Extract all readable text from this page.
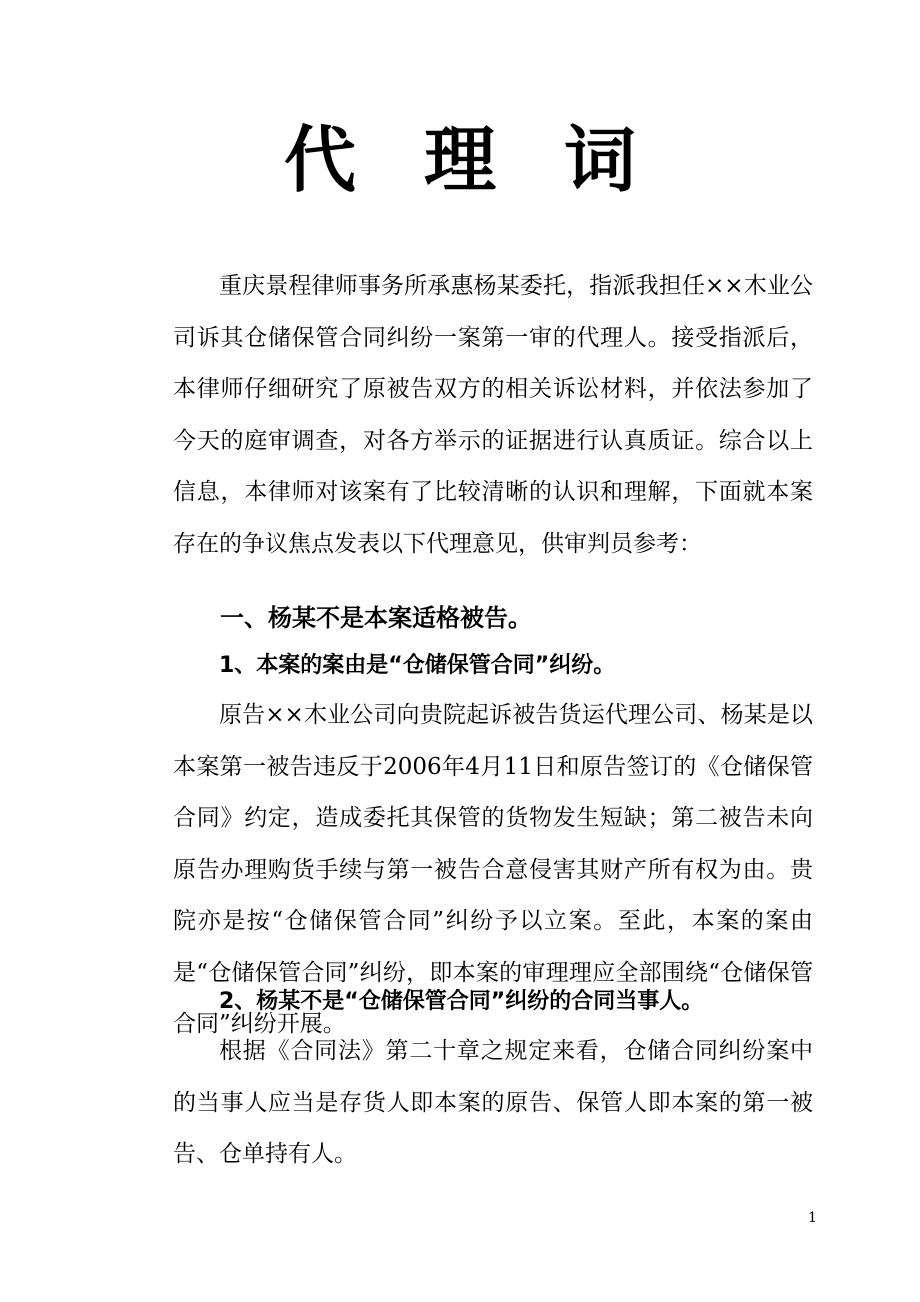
代 理 词

重庆景程律师事务所承惠杨某委托，指派我担任××木业公司诉其仓储保管合同纠纷一案第一审的代理人。接受指派后，本律师仔细研究了原被告双方的相关诉讼材料，并依法参加了今天的庭审调查，对各方举示的证据进行认真质证。综合以上信息，本律师对该案有了比较清晰的认识和理解，下面就本案存在的争议焦点发表以下代理意见，供审判员参考：

一、杨某不是本案适格被告。

1、本案的案由是“仓储保管合同”纠纷。

原告××木业公司向贵院起诉被告货运代理公司、杨某是以本案第一被告违反于2006年4月11日和原告签订的《仓储保管合同》约定，造成委托其保管的货物发生短缺；第二被告未向原告办理购货手续与第一被告合意侵害其财产所有权为由。贵院亦是按“仓储保管合同”纠纷予以立案。至此，本案的案由是“仓储保管合同”纠纷，即本案的审理理应全部围绕“仓储保管合同”纠纷开展。

2、杨某不是“仓储保管合同”纠纷的合同当事人。

根据《合同法》第二十章之规定来看，仓储合同纠纷案中的当事人应当是存货人即本案的原告、保管人即本案的第一被告、仓单持有人。

1
